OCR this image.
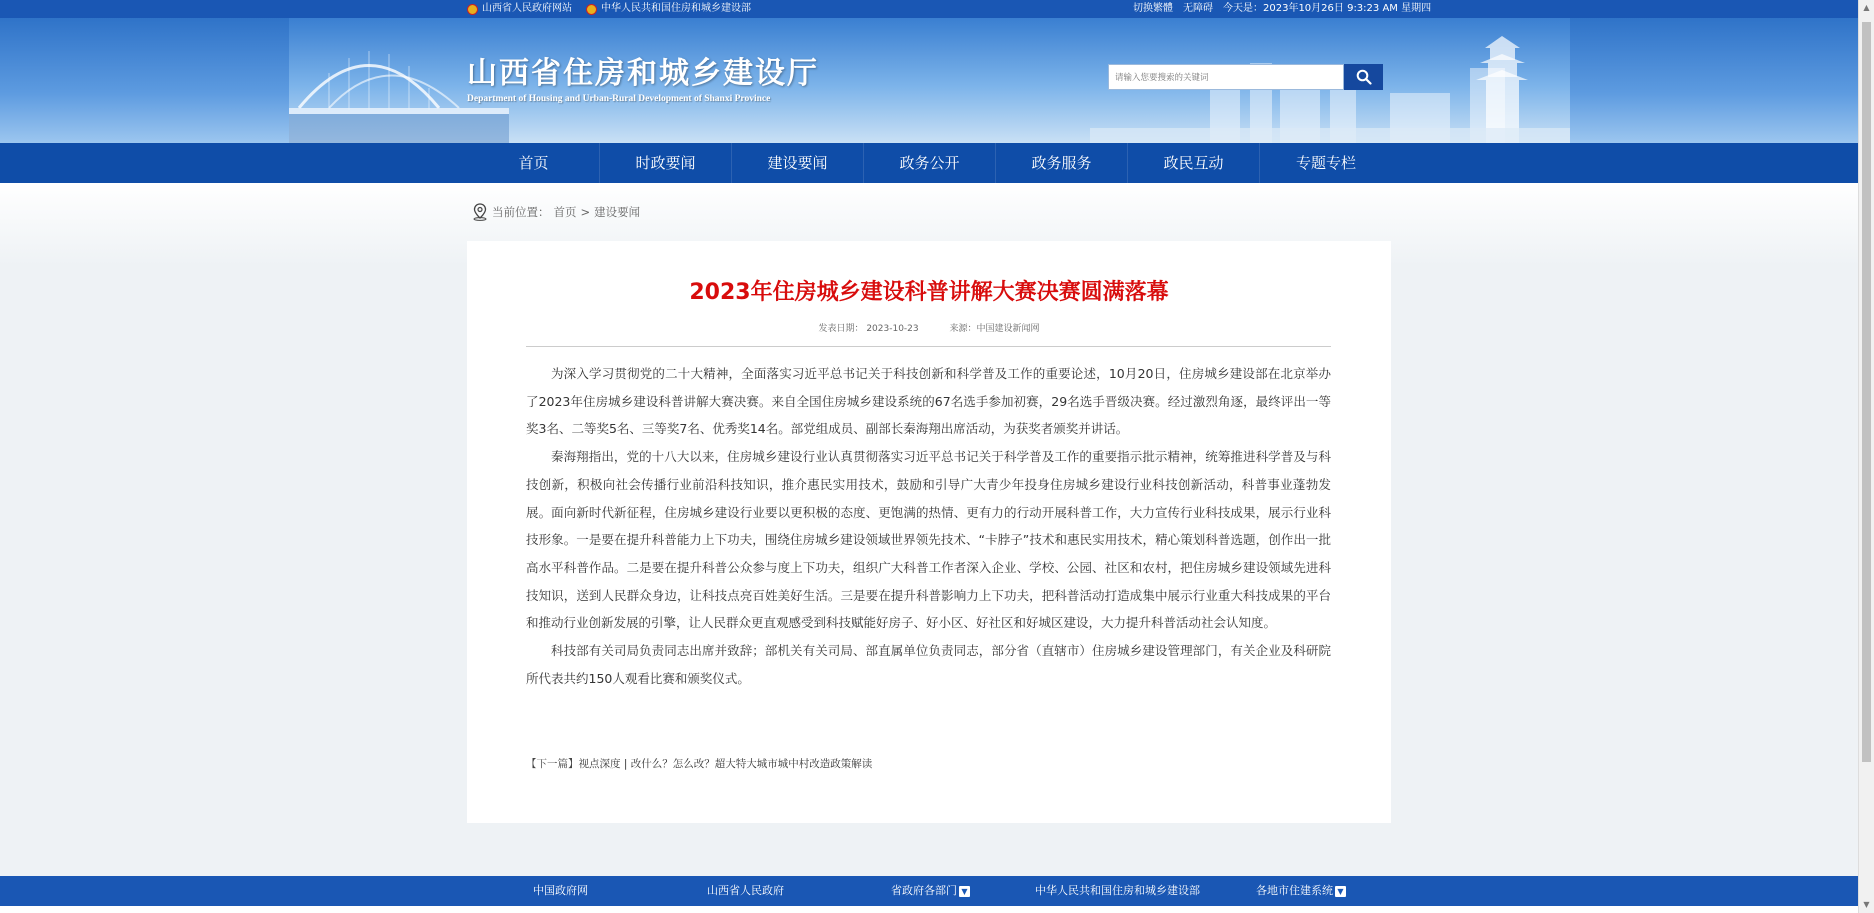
山西省人民政府网站	中华人民共和国住房和城乡建设部	切换繁體 无障碍 今天是：2023年10月26日 9:3:23 AM 星期四
山西省住房和城乡建设厅
Department of Housing and Urban-Rural Development of Shanxi Province
请输入您要搜索的关键词
首页	时政要闻	建设要闻	政务公开	政务服务	政民互动	专题专栏
当前位置： 首页 > 建设要闻
2023年住房城乡建设科普讲解大赛决赛圆满落幕
发表日期： 2023-10-23	来源：中国建设新闻网

为深入学习贯彻党的二十大精神，全面落实习近平总书记关于科技创新和科学普及工作的重要论述，10月20日，住房城乡建设部在北京举办了2023年住房城乡建设科普讲解大赛决赛。来自全国住房城乡建设系统的67名选手参加初赛，29名选手晋级决赛。经过激烈角逐，最终评出一等奖3名、二等奖5名、三等奖7名、优秀奖14名。部党组成员、副部长秦海翔出席活动，为获奖者颁奖并讲话。

秦海翔指出，党的十八大以来，住房城乡建设行业认真贯彻落实习近平总书记关于科学普及工作的重要指示批示精神，统筹推进科学普及与科技创新，积极向社会传播行业前沿科技知识，推介惠民实用技术，鼓励和引导广大青少年投身住房城乡建设行业科技创新活动，科普事业蓬勃发展。面向新时代新征程，住房城乡建设行业要以更积极的态度、更饱满的热情、更有力的行动开展科普工作，大力宣传行业科技成果，展示行业科技形象。一是要在提升科普能力上下功夫，围绕住房城乡建设领域世界领先技术、“卡脖子”技术和惠民实用技术，精心策划科普选题，创作出一批高水平科普作品。二是要在提升科普公众参与度上下功夫，组织广大科普工作者深入企业、学校、公园、社区和农村，把住房城乡建设领域先进科技知识，送到人民群众身边，让科技点亮百姓美好生活。三是要在提升科普影响力上下功夫，把科普活动打造成集中展示行业重大科技成果的平台和推动行业创新发展的引擎，让人民群众更直观感受到科技赋能好房子、好小区、好社区和好城区建设，大力提升科普活动社会认知度。

科技部有关司局负责同志出席并致辞；部机关有关司局、部直属单位负责同志，部分省（直辖市）住房城乡建设管理部门，有关企业及科研院所代表共约150人观看比赛和颁奖仪式。

【下一篇】视点深度 | 改什么？怎么改？超大特大城市城中村改造政策解读
中国政府网	山西省人民政府	省政府各部门 ▼	中华人民共和国住房和城乡建设部	各地市住建系统 ▼
▲
▼
